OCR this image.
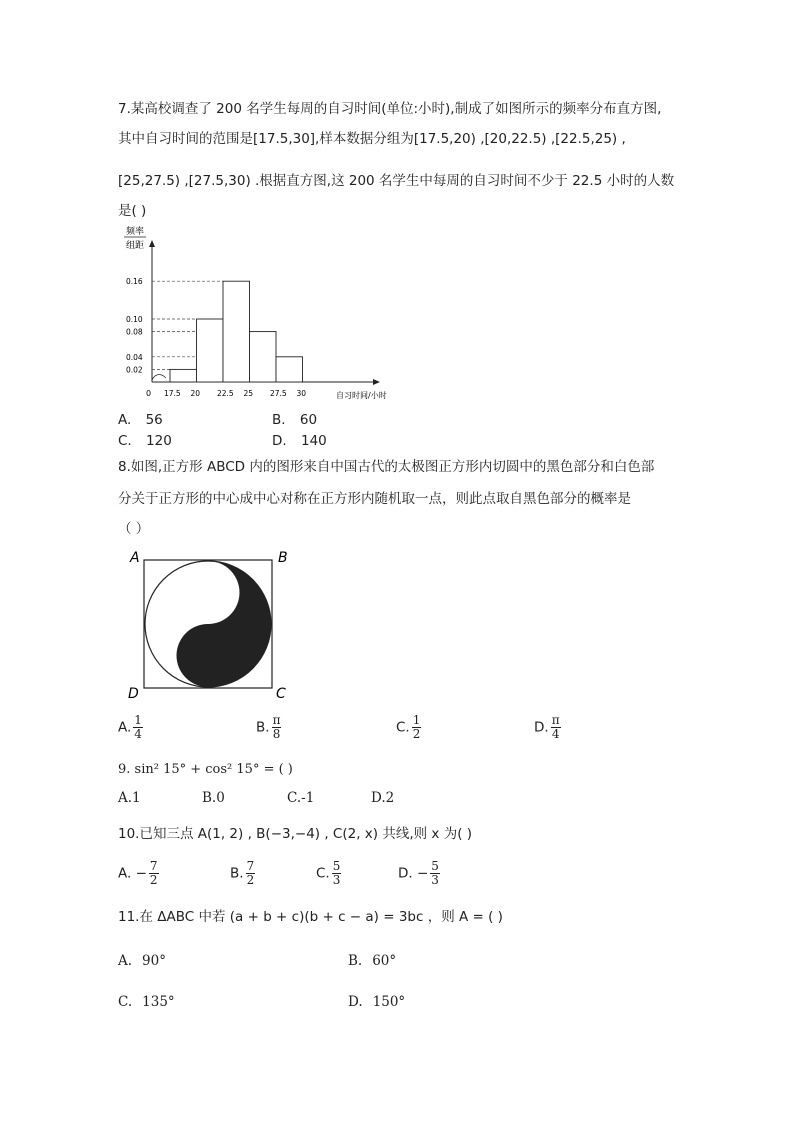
7.某高校调查了 200 名学生每周的自习时间(单位:小时),制成了如图所示的频率分布直方图,
其中自习时间的范围是[17.5,30],样本数据分组为[17.5,20) ,[20,22.5) ,[22.5,25) ,
[25,27.5) ,[27.5,30) .根据直方图,这 200 名学生中每周的自习时间不少于 22.5 小时的人数
是( )
频率
组距
0	自习时间/小时
0.02
0.04
0.08
0.10
0.16
17.5 20 22.5 25 27.5 30
A. 56	B. 60
C. 120	D. 140
8.如图,正方形 ABCD 内的图形来自中国古代的太极图正方形内切圆中的黑色部分和白色部
分关于正方形的中心成中心对称在正方形内随机取一点，则此点取自黑色部分的概率是
（ ）
A	B
D	C
A. $\frac{1}{4}$	B. $\frac{\pi}{8}$	C. $\frac{1}{2}$	D. $\frac{\pi}{4}$
9. sin² 15° + cos² 15° = ( )
A.1	B.0	C.-1	D.2
10.已知三点 A(1, 2) , B(−3,−4) , C(2, x) 共线,则 x 为( )
A. − $\frac{7}{2}$	B. $\frac{7}{2}$	C. $\frac{5}{3}$	D. − $\frac{5}{3}$
11.在 ΔABC 中若 (a + b + c)(b + c − a) = 3bc ，则 A = ( )
A. 90°	B. 60°
C. 135°	D. 150°
